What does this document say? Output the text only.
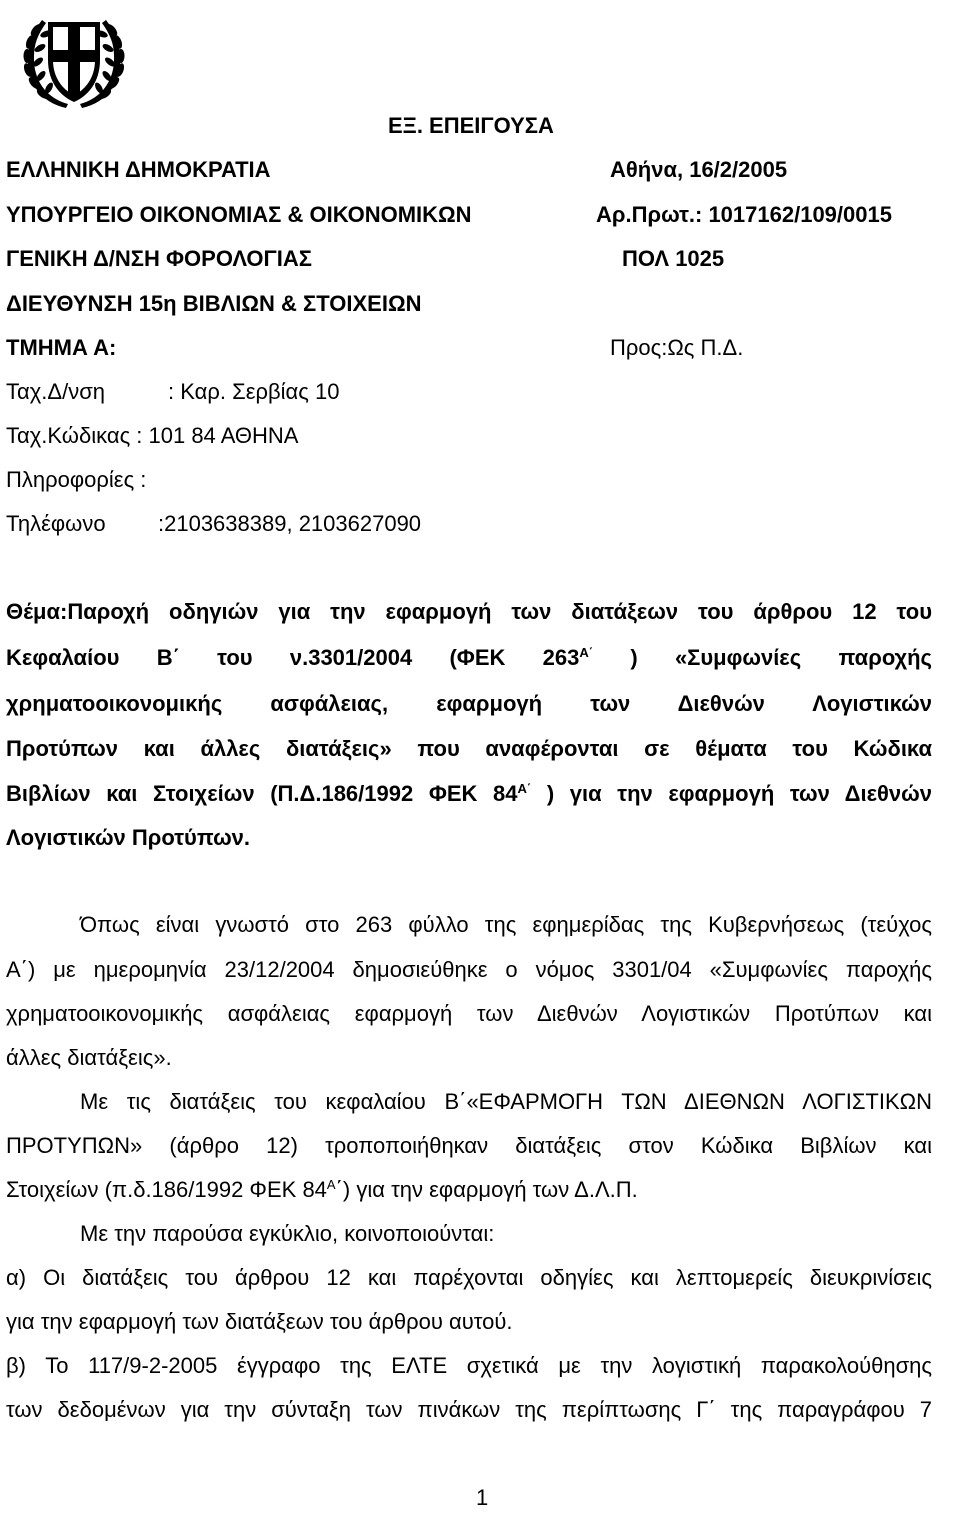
ΕΞ. ΕΠΕΙΓΟΥΣΑ
ΕΛΛΗΝΙΚΗ ΔΗΜΟΚΡΑΤΙΑ
ΥΠΟΥΡΓΕΙΟ ΟΙΚΟΝΟΜΙΑΣ & ΟΙΚΟΝΟΜΙΚΩΝ
ΓΕΝΙΚΗ Δ/ΝΣΗ ΦΟΡΟΛΟΓΙΑΣ
ΔΙΕΥΘΥΝΣΗ 15η ΒΙΒΛΙΩΝ & ΣΤΟΙΧΕΙΩΝ
ΤΜΗΜΑ Α:
Αθήνα, 16/2/2005
Αρ.Πρωτ.: 1017162/109/0015
ΠΟΛ 1025
Προς:Ως Π.Δ.
Ταχ.Δ/νση	: Καρ. Σερβίας 10
Ταχ.Κώδικας : 101 84 ΑΘΗΝΑ
Πληροφορίες :
Τηλέφωνο :2103638389, 2103627090
Θέμα:Παροχή οδηγιών για την εφαρμογή των διατάξεων του άρθρου 12 του
Κεφαλαίου Β΄ του ν.3301/2004 (ΦΕΚ $263^{A΄}$ ) «Συμφωνίες παροχής
χρηματοοικονομικής ασφάλειας, εφαρμογή των Διεθνών Λογιστικών
Προτύπων και άλλες διατάξεις» που αναφέρονται σε θέματα του Κώδικα
Βιβλίων και Στοιχείων (Π.Δ.186/1992 ΦΕΚ $84^{A΄}$ ) για την εφαρμογή των Διεθνών
Λογιστικών Προτύπων.
Όπως είναι γνωστό στο 263 φύλλο της εφημερίδας της Κυβερνήσεως (τεύχος
Α΄) με ημερομηνία 23/12/2004 δημοσιεύθηκε ο νόμος 3301/04 «Συμφωνίες παροχής
χρηματοοικονομικής ασφάλειας εφαρμογή των Διεθνών Λογιστικών Προτύπων και
άλλες διατάξεις».
Με τις διατάξεις του κεφαλαίου Β΄«ΕΦΑΡΜΟΓΗ ΤΩΝ ΔΙΕΘΝΩΝ ΛΟΓΙΣΤΙΚΩΝ
ΠΡΟΤΥΠΩΝ» (άρθρο 12) τροποποιήθηκαν διατάξεις στον Κώδικα Βιβλίων και
Στοιχείων (π.δ.186/1992 ΦΕΚ $84^A΄$) για την εφαρμογή των Δ.Λ.Π.
Με την παρούσα εγκύκλιο, κοινοποιούνται:
α) Οι διατάξεις του άρθρου 12 και παρέχονται οδηγίες και λεπτομερείς διευκρινίσεις
για την εφαρμογή των διατάξεων του άρθρου αυτού.
β) Το 117/9-2-2005 έγγραφο της ΕΛΤΕ σχετικά με την λογιστική παρακολούθησης
των δεδομένων για την σύνταξη των πινάκων της περίπτωσης Γ΄ της παραγράφου 7
1
